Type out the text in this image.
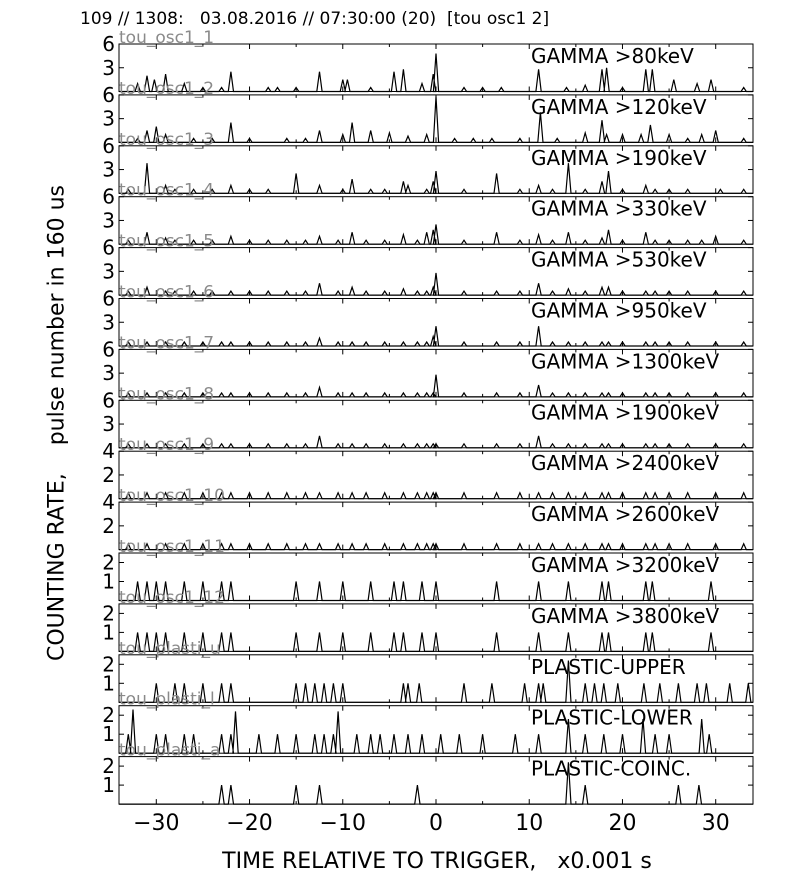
109 // 1308:   03.08.2016 // 07:30:00 (20)  [tou osc1 2]
COUNTING RATE,    pulse number in 160 us
TIME RELATIVE TO TRIGGER,   x0.001 s
3
6	GAMMA >80keV
tou_osc1_1
3
6	GAMMA >120keV
tou_osc1_2
3
6	GAMMA >190keV
tou_osc1_3
3
6	GAMMA >330keV
tou_osc1_4
3
6	GAMMA >530keV
tou_osc1_5
3
6	GAMMA >950keV
tou_osc1_6
3
6	GAMMA >1300keV
tou_osc1_7
3
6	GAMMA >1900keV
tou_osc1_8
2
4	GAMMA >2400keV
tou_osc1_9
2
4	GAMMA >2600keV
tou_osc1_10
1
2	GAMMA >3200keV
tou_osc1_11
1
2	GAMMA >3800keV
tou_osc1_12
1
2	PLASTIC-UPPER
tou_plasti_u
1
2	PLASTIC-LOWER
tou_plasti_l
1
2	PLASTIC-COINC.
tou_plasti_a
−30 −20 −10	0	10	20	30
